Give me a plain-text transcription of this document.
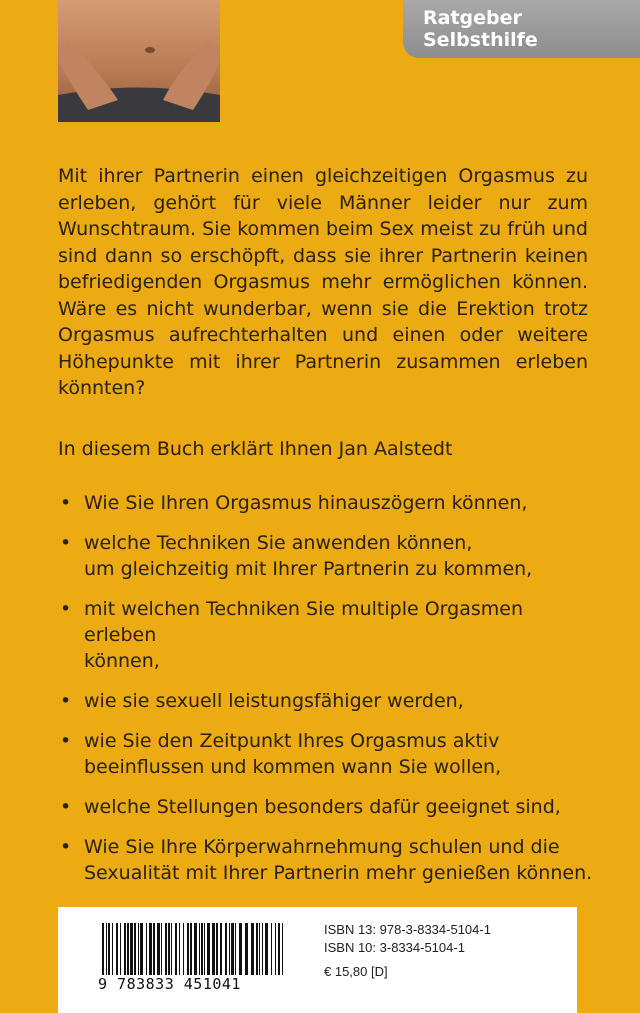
Ratgeber Selbsthilfe

Mit ihrer Partnerin einen gleichzeitigen Orgasmus zu erleben, gehört für viele Männer leider nur zum Wunschtraum. Sie kommen beim Sex meist zu früh und sind dann so erschöpft, dass sie ihrer Partnerin keinen befriedigenden Orgasmus mehr ermöglichen können. Wäre es nicht wunderbar, wenn sie die Erektion trotz Orgasmus aufrechterhalten und einen oder weitere Höhepunkte mit ihrer Partnerin zusammen erleben könnten?

In diesem Buch erklärt Ihnen Jan Aalstedt

• Wie Sie Ihren Orgasmus hinauszögern können,
• welche Techniken Sie anwenden können,
um gleichzeitig mit Ihrer Partnerin zu kommen,
• mit welchen Techniken Sie multiple Orgasmen erleben
können,
• wie sie sexuell leistungsfähiger werden,
• wie Sie den Zeitpunkt Ihres Orgasmus aktiv
beeinflussen und kommen wann Sie wollen,
• welche Stellungen besonders dafür geeignet sind,
• Wie Sie Ihre Körperwahrnehmung schulen und die
Sexualität mit Ihrer Partnerin mehr genießen können.
9 783833 451041
ISBN 13: 978-3-8334-5104-1
ISBN 10: 3-8334-5104-1
€ 15,80 [D]
